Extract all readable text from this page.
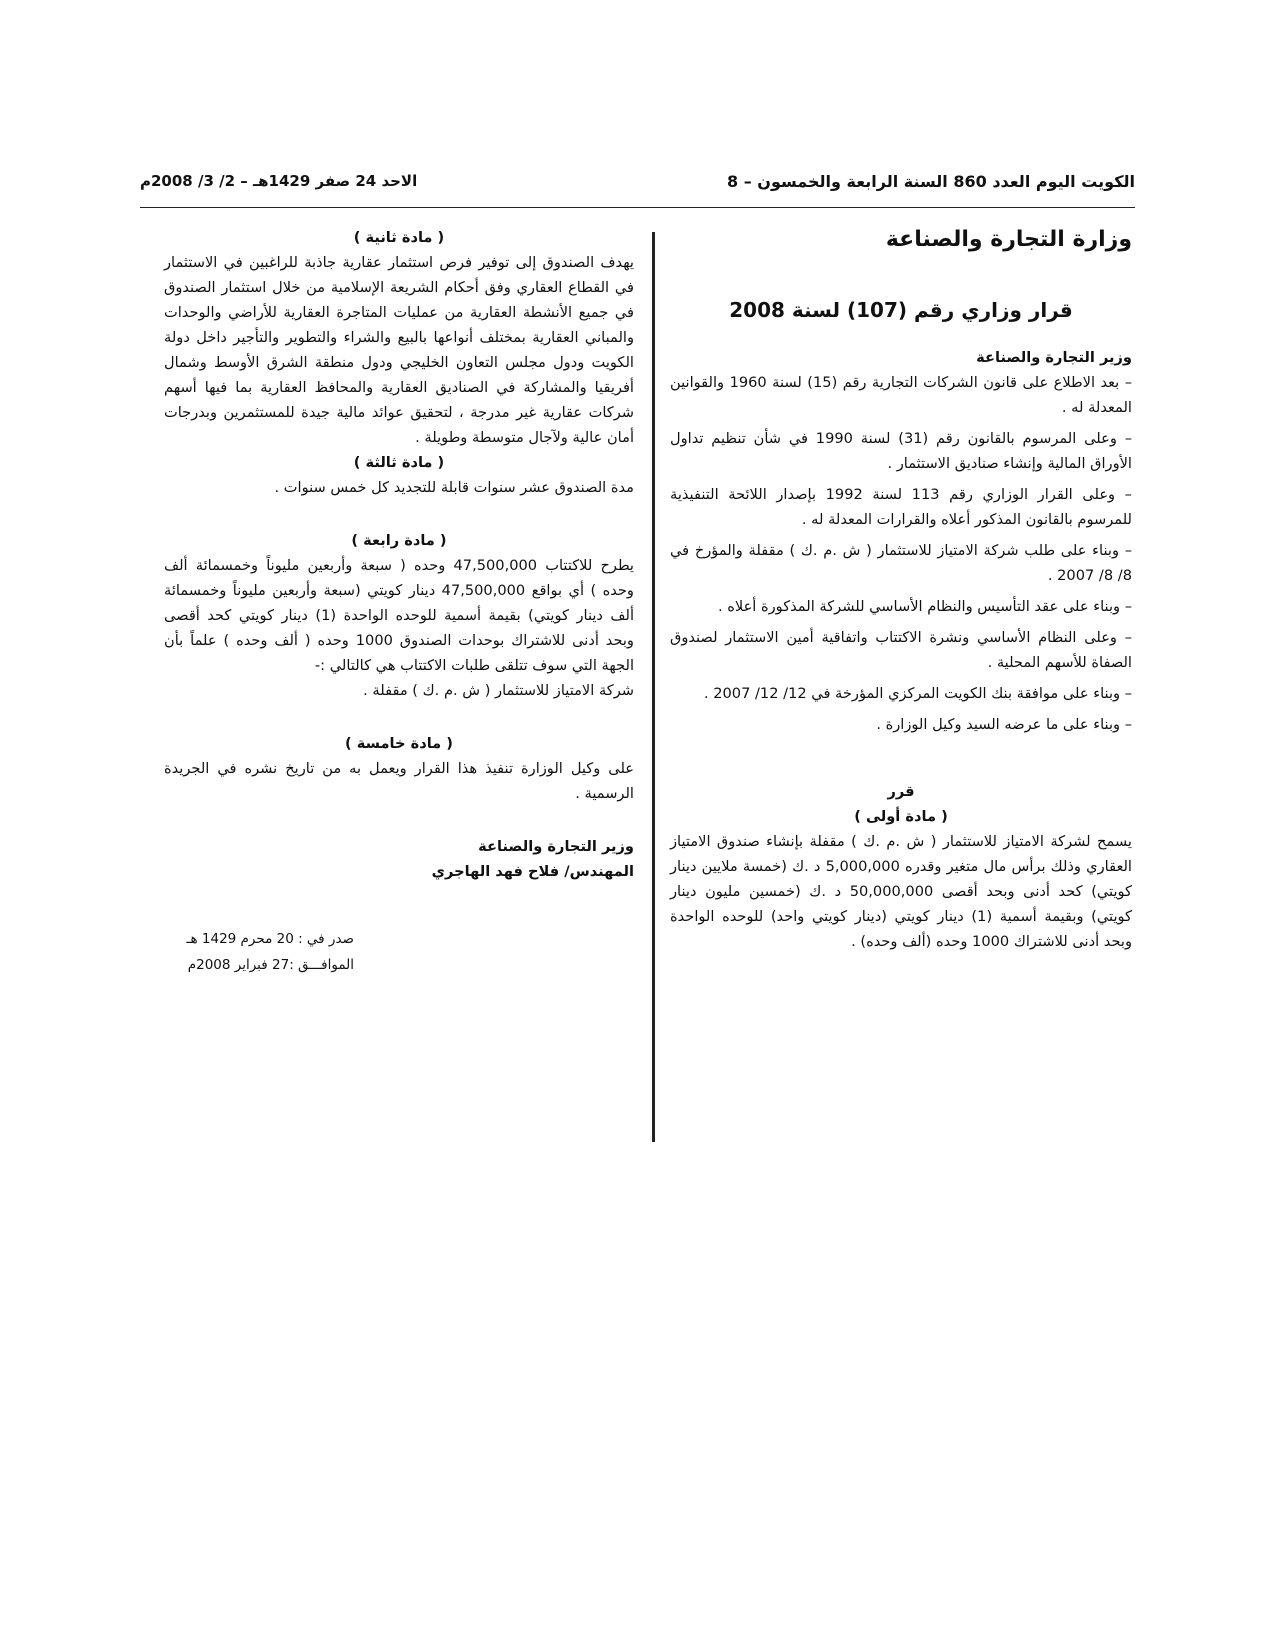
الكويت اليوم العدد 860 السنة الرابعة والخمسون – 8
الاحد 24 صفر 1429هـ – 2/ 3/ 2008م
وزارة التجارة والصناعة
قرار وزاري رقم (107) لسنة 2008
وزير التجارة والصناعة

– بعد الاطلاع على قانون الشركات التجارية رقم (15) لسنة 1960 والقوانين المعدلة له .

– وعلى المرسوم بالقانون رقم (31) لسنة 1990 في شأن تنظيم تداول الأوراق المالية وإنشاء صناديق الاستثمار .

– وعلى القرار الوزاري رقم 113 لسنة 1992 بإصدار اللائحة التنفيذية للمرسوم بالقانون المذكور أعلاه والقرارات المعدلة له .

– وبناء على طلب شركة الامتياز للاستثمار ( ش .م .ك ) مقفلة والمؤرخ في 8/ 8/ 2007 .

– وبناء على عقد التأسيس والنظام الأساسي للشركة المذكورة أعلاه .

– وعلى النظام الأساسي ونشرة الاكتتاب واتفاقية أمين الاستثمار لصندوق الصفاة للأسهم المحلية .

– وبناء على موافقة بنك الكويت المركزي المؤرخة في 12/ 12/ 2007 .

– وبناء على ما عرضه السيد وكيل الوزارة .

قرر
( مادة أولى )

يسمح لشركة الامتياز للاستثمار ( ش .م .ك ) مقفلة بإنشاء صندوق الامتياز العقاري وذلك برأس مال متغير وقدره 5,000,000 د .ك (خمسة ملايين دينار كويتي) كحد أدنى وبحد أقصى 50,000,000 د .ك (خمسين مليون دينار كويتي) وبقيمة أسمية (1) دينار كويتي (دينار كويتي واحد) للوحده الواحدة وبحد أدنى للاشتراك 1000 وحده (ألف وحده) .

( مادة ثانية )

يهدف الصندوق إلى توفير فرص استثمار عقارية جاذبة للراغبين في الاستثمار في القطاع العقاري وفق أحكام الشريعة الإسلامية من خلال استثمار الصندوق في جميع الأنشطة العقارية من عمليات المتاجرة العقارية للأراضي والوحدات والمباني العقارية بمختلف أنواعها بالبيع والشراء والتطوير والتأجير داخل دولة الكويت ودول مجلس التعاون الخليجي ودول منطقة الشرق الأوسط وشمال أفريقيا والمشاركة في الصناديق العقارية والمحافظ العقارية بما فيها أسهم شركات عقارية غير مدرجة ، لتحقيق عوائد مالية جيدة للمستثمرين وبدرجات أمان عالية ولآجال متوسطة وطويلة .

( مادة ثالثة )

مدة الصندوق عشر سنوات قابلة للتجديد كل خمس سنوات .

( مادة رابعة )

يطرح للاكتتاب 47,500,000 وحده ( سبعة وأربعين مليوناً وخمسمائة ألف وحده ) أي بواقع 47,500,000 دينار كويتي (سبعة وأربعين مليوناً وخمسمائة ألف دينار كويتي) بقيمة أسمية للوحده الواحدة (1) دينار كويتي كحد أقصى وبحد أدنى للاشتراك بوحدات الصندوق 1000 وحده ( ألف وحده ) علماً بأن الجهة التي سوف تتلقى طلبات الاكتتاب هي كالتالي :-

شركة الامتياز للاستثمار ( ش .م .ك ) مقفلة .

( مادة خامسة )

على وكيل الوزارة تنفيذ هذا القرار ويعمل به من تاريخ نشره في الجريدة الرسمية .

وزير التجارة والصناعة
المهندس/ فلاح فهد الهاجري
صدر في : 20 محرم 1429 هـ
الموافـــق :27 فبراير 2008م
